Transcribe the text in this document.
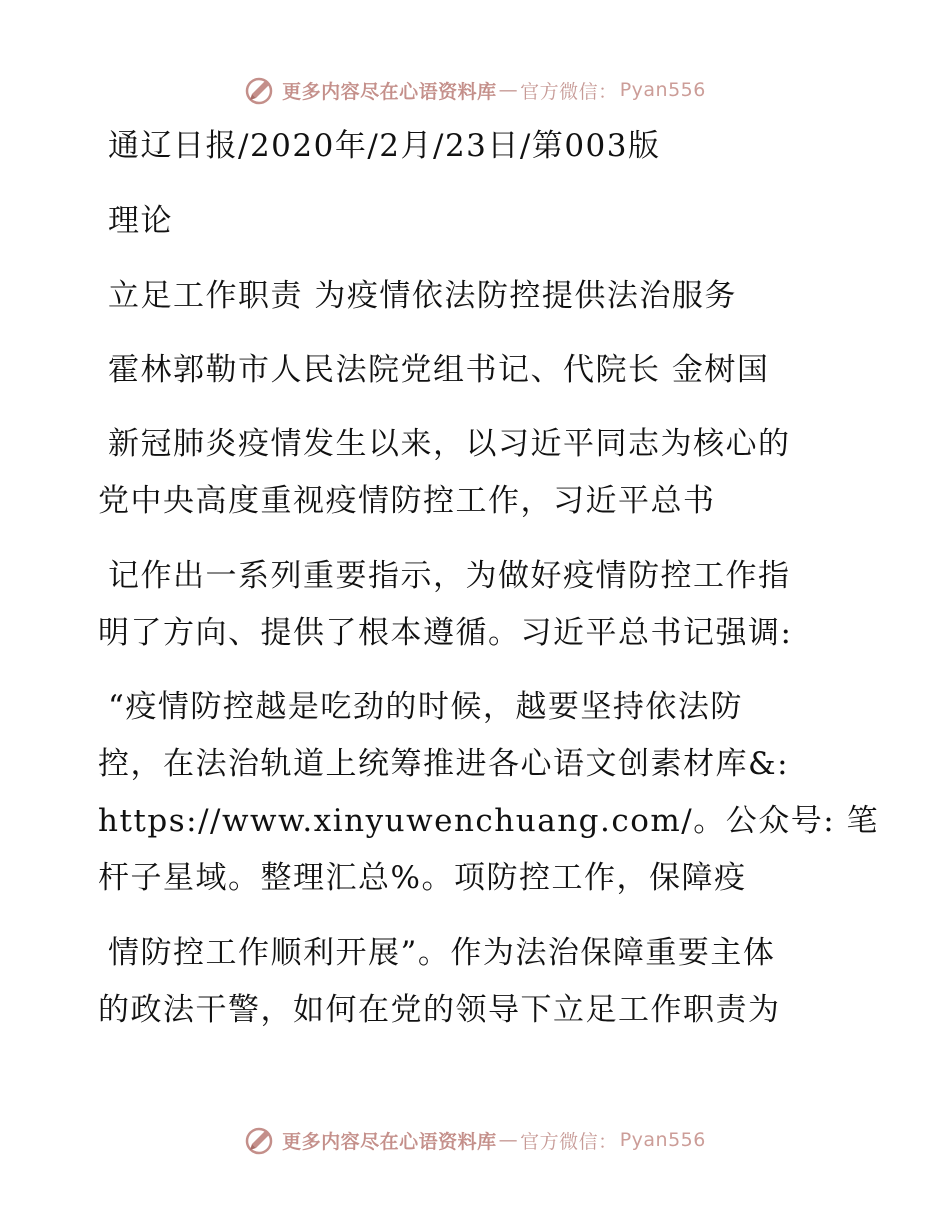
更多内容尽在心语资料库 — 官方微信： Pyan556
通辽日报/2020年/2月/23日/第003版
理论
立足工作职责 为疫情依法防控提供法治服务
霍林郭勒市人民法院党组书记、代院长 金树国
新冠肺炎疫情发生以来，以习近平同志为核心的
党中央高度重视疫情防控工作，习近平总书
记作出一系列重要指示，为做好疫情防控工作指
明了方向、提供了根本遵循。习近平总书记强调:
“疫情防控越是吃劲的时候，越要坚持依法防
控，在法治轨道上统筹推进各心语文创素材库&:
https://www.xinyuwenchuang.com/。公众号: 笔
杆子星域。整理汇总%。项防控工作，保障疫
情防控工作顺利开展”。作为法治保障重要主体
的政法干警，如何在党的领导下立足工作职责为
更多内容尽在心语资料库 — 官方微信： Pyan556
